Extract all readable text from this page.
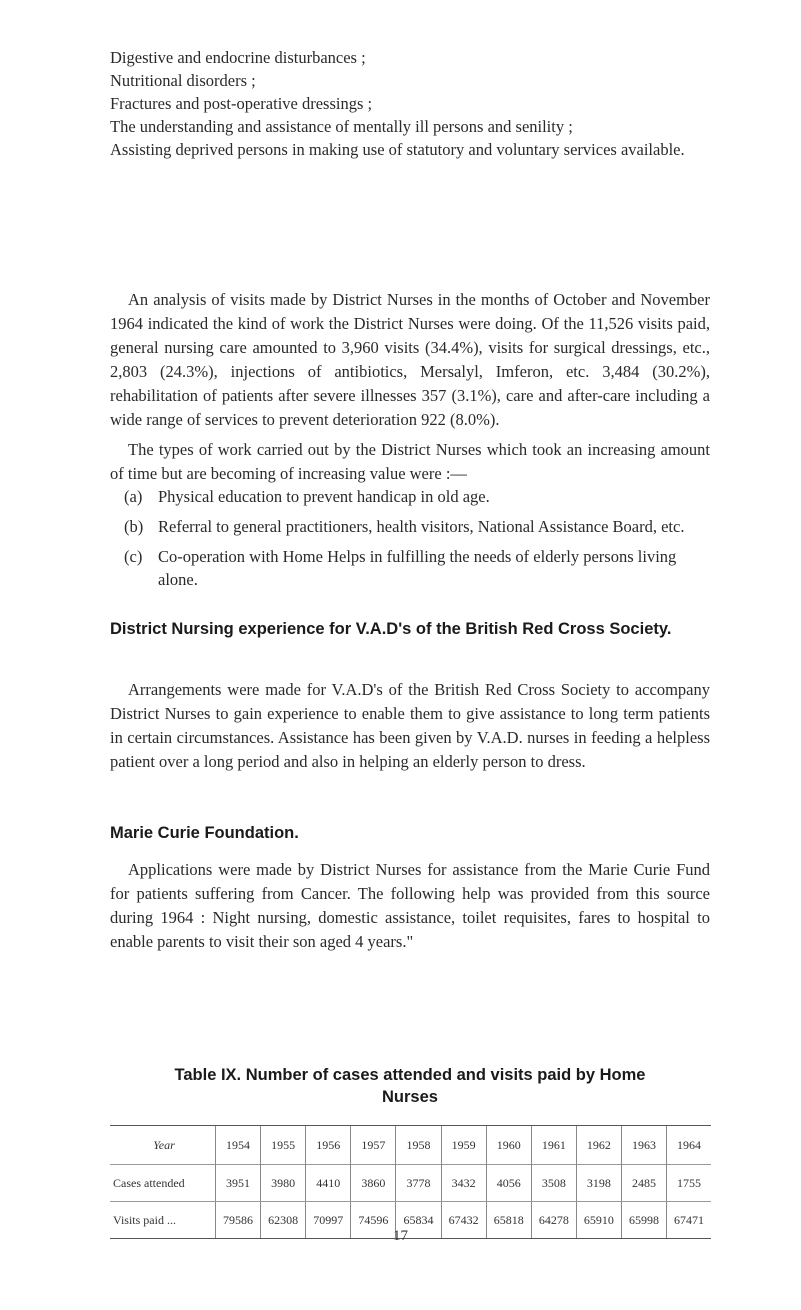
Digestive and endocrine disturbances ;

Nutritional disorders ;

Fractures and post-operative dressings ;

The understanding and assistance of mentally ill persons and senility ;

Assisting deprived persons in making use of statutory and voluntary services available.

An analysis of visits made by District Nurses in the months of October and November 1964 indicated the kind of work the District Nurses were doing. Of the 11,526 visits paid, general nursing care amounted to 3,960 visits (34.4%), visits for surgical dressings, etc., 2,803 (24.3%), injections of antibiotics, Mersalyl, Imferon, etc. 3,484 (30.2%), rehabilitation of patients after severe illnesses 357 (3.1%), care and after-care including a wide range of services to prevent deterioration 922 (8.0%).

The types of work carried out by the District Nurses which took an increasing amount of time but are becoming of increasing value were :—

(a) Physical education to prevent handicap in old age.
(b) Referral to general practitioners, health visitors, National Assistance Board, etc.
(c) Co-operation with Home Helps in fulfilling the needs of elderly persons living alone.
District Nursing experience for V.A.D's of the British Red Cross Society.

Arrangements were made for V.A.D's of the British Red Cross Society to accompany District Nurses to gain experience to enable them to give assistance to long term patients in certain circumstances. Assistance has been given by V.A.D. nurses in feeding a helpless patient over a long period and also in helping an elderly person to dress.

Marie Curie Foundation.

Applications were made by District Nurses for assistance from the Marie Curie Fund for patients suffering from Cancer. The following help was provided from this source during 1964 : Night nursing, domestic assistance, toilet requisites, fares to hospital to enable parents to visit their son aged 4 years."

Table IX. Number of cases attended and visits paid by Home
Nurses
Year	1954	1955	1956	1957	1958	1959	1960	1961	1962	1963	1964
Cases attended	3951	3980	4410	3860	3778	3432	4056	3508	3198	2485	1755
Visits paid ...	79586	62308	70997	74596	65834	67432	65818	64278	65910	65998	67471
17
